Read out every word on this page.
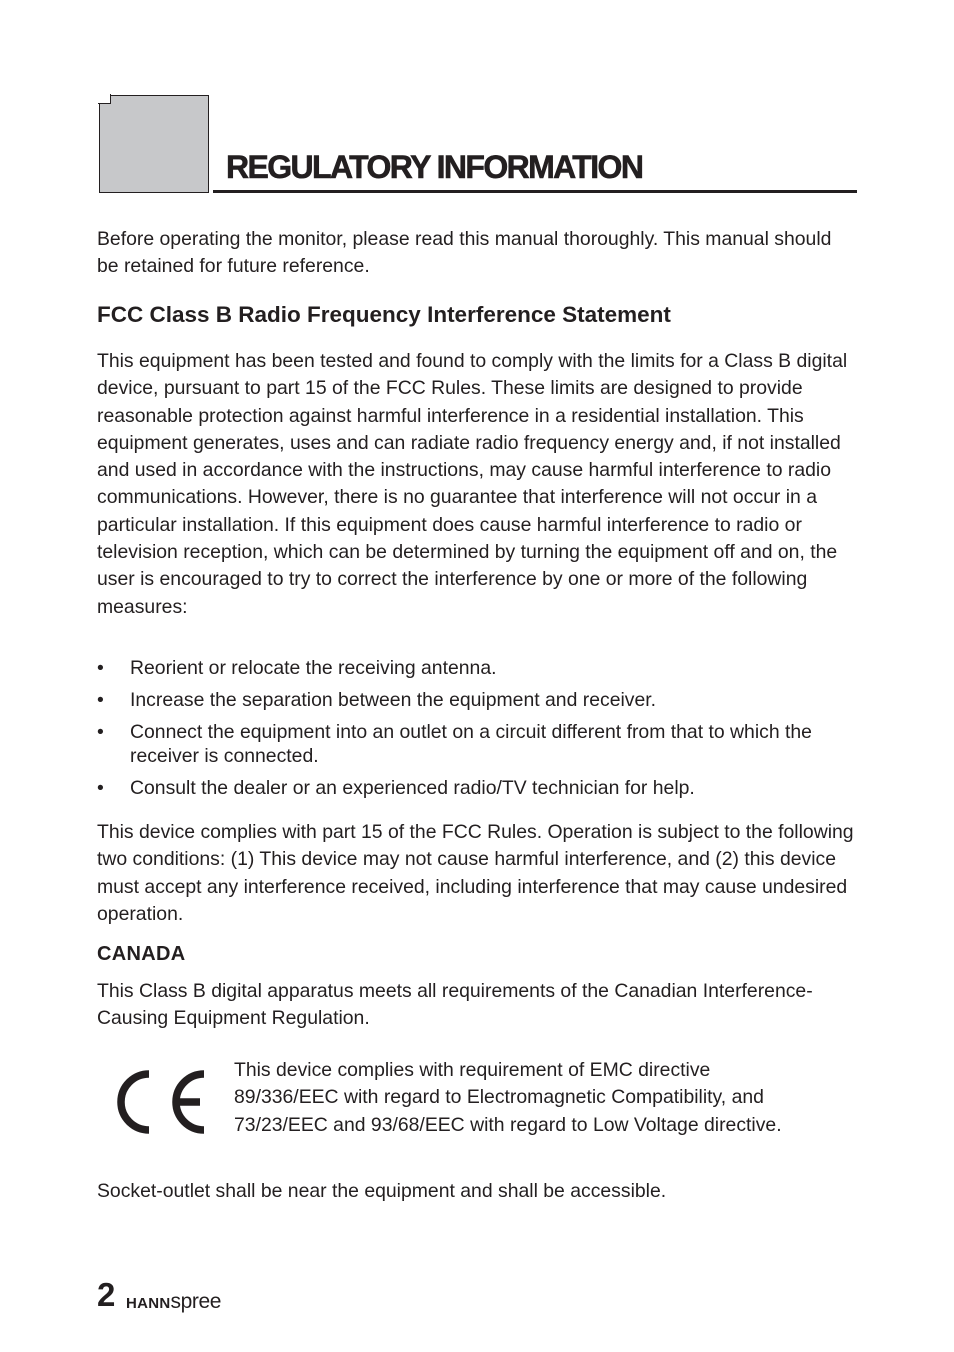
REGULATORY INFORMATION
Before operating the monitor, please read this manual thoroughly. This manual should be retained for future reference.
FCC Class B Radio Frequency Interference Statement
This equipment has been tested and found to comply with the limits for a Class B digital device, pursuant to part 15 of the FCC Rules. These limits are designed to provide reasonable protection against harmful interference in a residential installation. This equipment generates, uses and can radiate radio frequency energy and, if not installed and used in accordance with the instructions, may cause harmful interference to radio communications. However, there is no guarantee that interference will not occur in a particular installation. If this equipment does cause harmful interference to radio or television reception, which can be determined by turning the equipment off and on, the user is encouraged to try to correct the interference by one or more of the following measures:
• Reorient or relocate the receiving antenna.
• Increase the separation between the equipment and receiver.
• Connect the equipment into an outlet on a circuit different from that to which the receiver is connected.
• Consult the dealer or an experienced radio/TV technician for help.
This device complies with part 15 of the FCC Rules. Operation is subject to the following two conditions: (1) This device may not cause harmful interference, and (2) this device must accept any interference received, including interference that may cause undesired operation.
CANADA
This Class B digital apparatus meets all requirements of the Canadian Interference-Causing Equipment Regulation.
This device complies with requirement of EMC directive
89/336/EEC with regard to Electromagnetic Compatibility, and
73/23/EEC and 93/68/EEC with regard to Low Voltage directive.
Socket-outlet shall be near the equipment and shall be accessible.
2 HANNspree
